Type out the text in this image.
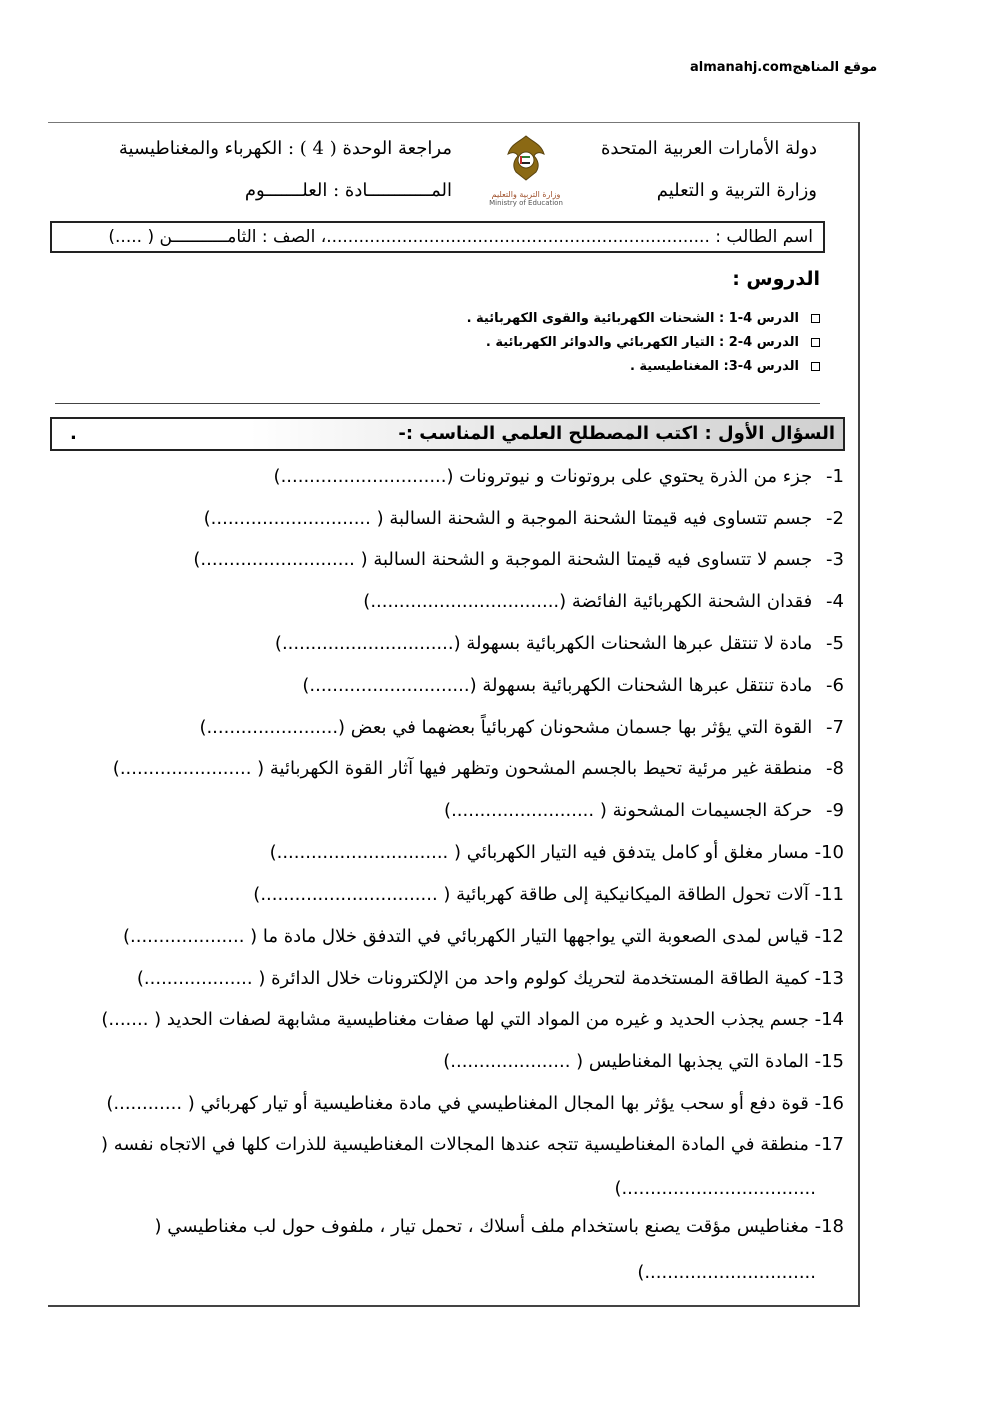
almanahj.comموقع المناهج
دولة الأمارات العربية المتحدة
وزارة التربية و التعليم
مراجعة الوحدة ( 4 ) : الكهرباء والمغناطيسية
المــــــــــــادة : العلـــــــوم	وزارة التربية والتعليم
Ministry of Education
اسم الطالب : .......................................................................، الصف : الثامـــــــــــن ( .....)
الدروس :
الدرس 4-1 : الشحنات الكهربائية والقوى الكهربائية .
الدرس 4-2 : التيار الكهربائي والدوائر الكهربائية .
الدرس 4-3: المغناطيسية .
السؤال الأول : اكتب المصطلح العلمي المناسب :-
.
1- جزء من الذرة يحتوي على بروتونات و نيوترونات (.............................)
2- جسم تتساوى فيه قيمتا الشحنة الموجبة و الشحنة السالبة ( ............................)
3- جسم لا تتساوى فيه قيمتا الشحنة الموجبة و الشحنة السالبة ( ...........................)
4- فقدان الشحنة الكهربائية الفائضة (.................................)
5- مادة لا تنتقل عبرها الشحنات الكهربائية بسهولة (..............................)
6- مادة تنتقل عبرها الشحنات الكهربائية بسهولة (............................)
7- القوة التي يؤثر بها جسمان مشحونان كهربائياً بعضهما في بعض (.......................)
8- منطقة غير مرئية تحيط بالجسم المشحون وتظهر فيها آثار القوة الكهربائية ( .......................)
9- حركة الجسيمات المشحونة ( .........................)
10- مسار مغلق أو كامل يتدفق فيه التيار الكهربائي ( ..............................)
11- آلات تحول الطاقة الميكانيكية إلى طاقة كهربائية ( ...............................)
12- قياس لمدى الصعوبة التي يواجهها التيار الكهربائي في التدفق خلال مادة ما ( ....................)
13- كمية الطاقة المستخدمة لتحريك كولوم واحد من الإلكترونات خلال الدائرة ( ...................)
14- جسم يجذب الحديد و غيره من المواد التي لها صفات مغناطيسية مشابهة لصفات الحديد ( .......)
15- المادة التي يجذبها المغناطيس ( .....................)
16- قوة دفع أو سحب يؤثر بها المجال المغناطيسي في مادة مغناطيسية أو تيار كهربائي ( ............)
17- منطقة في المادة المغناطيسية تتجه عندها المجالات المغناطيسية للذرات كلها في الاتجاه نفسه (
..................................)
18- مغناطيس مؤقت يصنع باستخدام ملف أسلاك ، تحمل تيار ، ملفوف حول لب مغناطيسي (
..............................)
